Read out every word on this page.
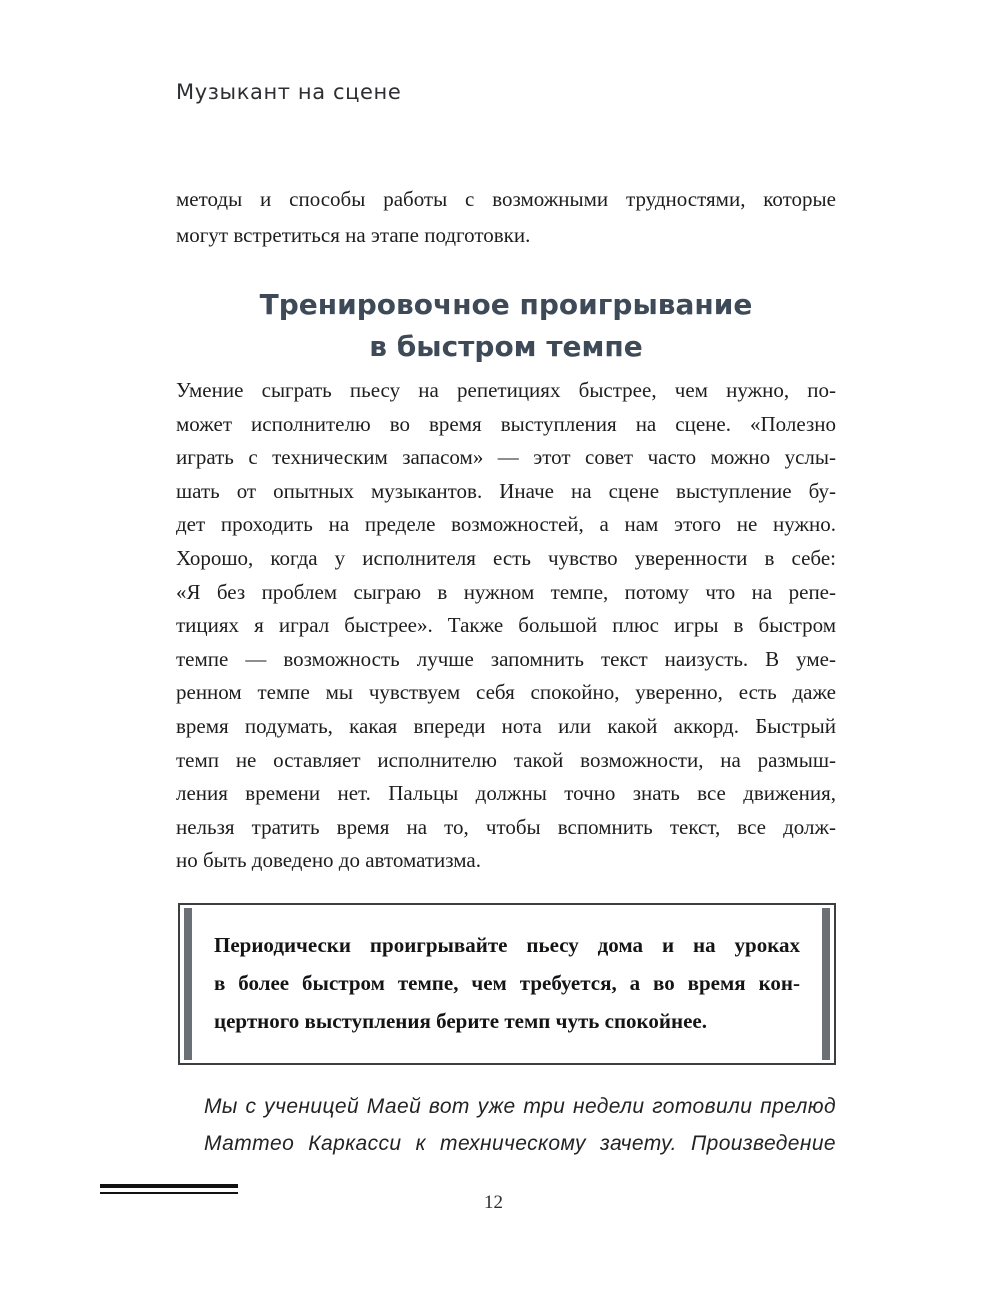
Музыкант на сцене
методы и способы работы с возможными трудностями, которые
могут встретиться на этапе подготовки.
Тренировочное проигрывание
в быстром темпе
Умение сыграть пьесу на репетициях быстрее, чем нужно, по-
может исполнителю во время выступления на сцене. «Полезно
играть с техническим запасом» — этот совет часто можно услы-
шать от опытных музыкантов. Иначе на сцене выступление бу-
дет проходить на пределе возможностей, а нам этого не нужно.
Хорошо, когда у исполнителя есть чувство уверенности в себе:
«Я без проблем сыграю в нужном темпе, потому что на репе-
тициях я играл быстрее». Также большой плюс игры в быстром
темпе — возможность лучше запомнить текст наизусть. В уме-
ренном темпе мы чувствуем себя спокойно, уверенно, есть даже
время подумать, какая впереди нота или какой аккорд. Быстрый
темп не оставляет исполнителю такой возможности, на размыш-
ления времени нет. Пальцы должны точно знать все движения,
нельзя тратить время на то, чтобы вспомнить текст, все долж-
но быть доведено до автоматизма.
Периодически проигрывайте пьесу дома и на уроках
в более быстром темпе, чем требуется, а во время кон-
цертного выступления берите темп чуть спокойнее.
Мы с ученицей Маей вот уже три недели готовили прелюд
Маттео Каркасси к техническому зачету. Произведение
12
